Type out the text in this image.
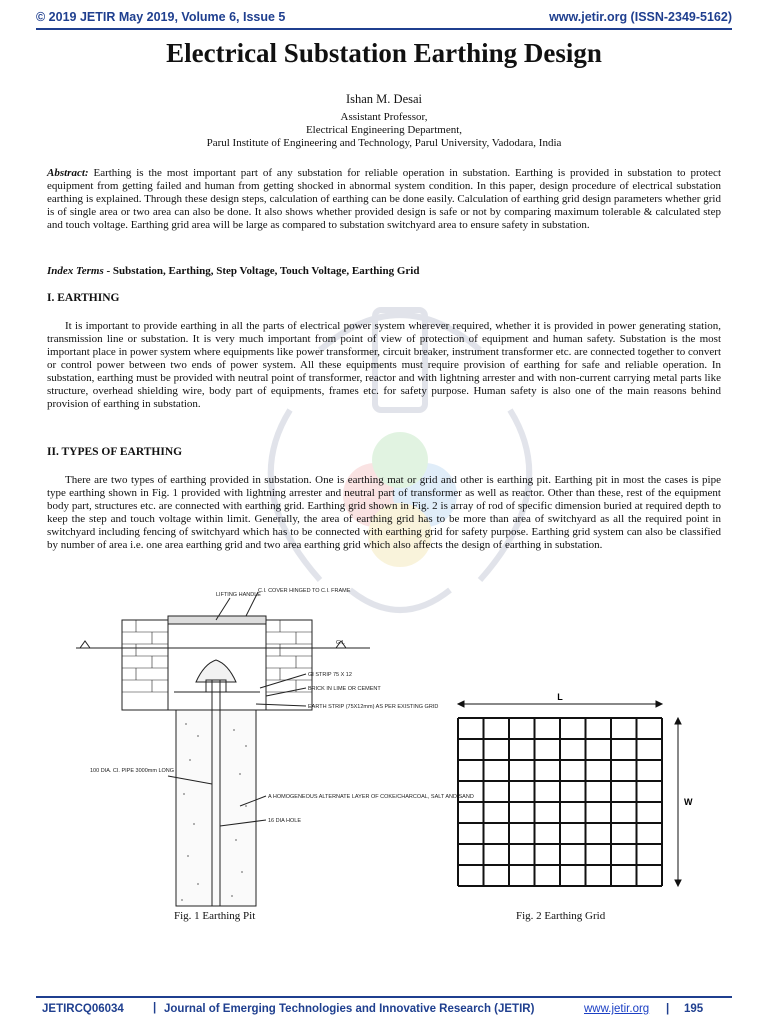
© 2019 JETIR May 2019, Volume 6, Issue 5	www.jetir.org (ISSN-2349-5162)
Electrical Substation Earthing Design
Ishan M. Desai
Assistant Professor,
Electrical Engineering Department,
Parul Institute of Engineering and Technology, Parul University, Vadodara, India
Abstract: Earthing is the most important part of any substation for reliable operation in substation. Earthing is provided in substation to protect equipment from getting failed and human from getting shocked in abnormal system condition. In this paper, design procedure of electrical substation earthing is explained. Through these design steps, calculation of earthing can be done easily. Calculation of earthing grid design parameters whether grid is of single area or two area can also be done. It also shows whether provided design is safe or not by comparing maximum tolerable & calculated step and touch voltage. Earthing grid area will be large as compared to substation switchyard area to ensure safety in substation.
Index Terms - Substation, Earthing, Step Voltage, Touch Voltage, Earthing Grid
I. EARTHING
It is important to provide earthing in all the parts of electrical power system wherever required, whether it is provided in power generating station, transmission line or substation. It is very much important from point of view of protection of equipment and human safety. Substation is the most important place in power system where equipments like power transformer, circuit breaker, instrument transformer etc. are connected together to convert or control power between two ends of power system. All these equipments must require provision of earthing for safe and reliable operation. In substation, earthing must be provided with neutral point of transformer, reactor and with lightning arrester and with non-current carrying metal parts like structure, overhead shielding wire, body part of equipments, frames etc. for safety purpose. Human safety is also one of the main reasons behind provision of earthing in substation.
II. TYPES OF EARTHING
There are two types of earthing provided in substation. One is earthing mat or grid and other is earthing pit. Earthing pit in most the cases is pipe type earthing shown in Fig. 1 provided with lightning arrester and neutral part of transformer as well as reactor. Other than these, rest of the equipment body part, structures etc. are connected with earthing grid. Earthing grid shown in Fig. 2 is array of rod of specific dimension buried at required depth to keep the step and touch voltage within limit. Generally, the area of earthing grid has to be more than area of switchyard as all the required point in switchyard including fencing of switchyard which has to be connected with earthing grid for safety purpose. Earthing grid system can also be classified by number of area i.e. one area earthing grid and two area earthing grid which also affects the design of earthing in substation.
LIFTING HANDLE
C.I. COVER HINGED TO C.I. FRAME
G.L
GI STRIP 75 X 12
BRICK IN LIME OR CEMENT
EARTH STRIP (75X12mm) AS PER EXISTING GRID
100 DIA. CI. PIPE 3000mm LONG
A HOMOGENEOUS ALTERNATE LAYER OF COKE/CHARCOAL, SALT AND SAND
16 DIA HOLE
L
W
Fig. 1 Earthing Pit	Fig. 2 Earthing Grid
JETIRCQ06034	| Journal of Emerging Technologies and Innovative Research (JETIR)	www.jetir.org | 195
